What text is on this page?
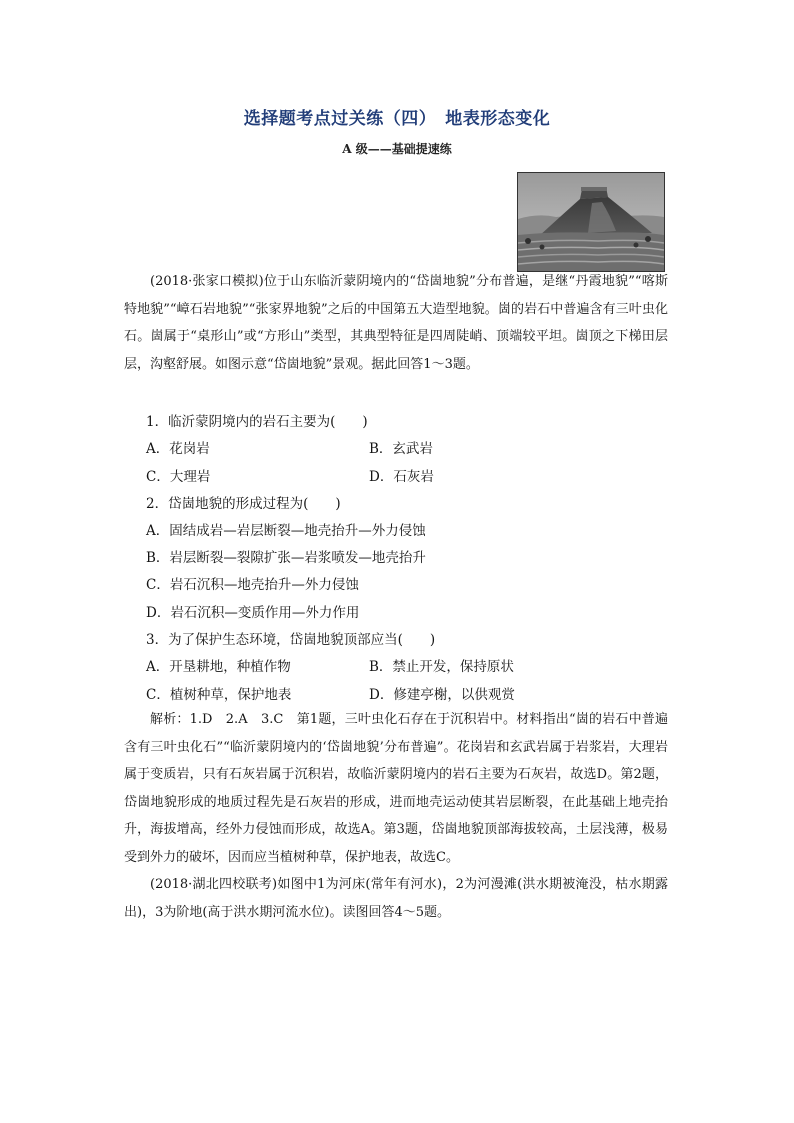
选择题考点过关练（四）　地表形态变化
A 级——基础提速练

(2018·张家口模拟)位于山东临沂蒙阴境内的“岱崮地貌”分布普遍，是继“丹霞地貌”“喀斯特地貌”“嶂石岩地貌”“张家界地貌”之后的中国第五大造型地貌。崮的岩石中普遍含有三叶虫化石。崮属于“桌形山”或“方形山”类型，其典型特征是四周陡峭、顶端较平坦。崮顶之下梯田层层，沟壑舒展。如图示意“岱崮地貌”景观。据此回答1～3题。

1．临沂蒙阴境内的岩石主要为(　　)

A．花岗岩	B．玄武岩

C．大理岩	D．石灰岩

2．岱崮地貌的形成过程为(　　)

A．固结成岩—岩层断裂—地壳抬升—外力侵蚀

B．岩层断裂—裂隙扩张—岩浆喷发—地壳抬升

C．岩石沉积—地壳抬升—外力侵蚀

D．岩石沉积—变质作用—外力作用

3．为了保护生态环境，岱崮地貌顶部应当(　　)

A．开垦耕地，种植作物	B．禁止开发，保持原状

C．植树种草，保护地表	D．修建亭榭，以供观赏

解析：1.D　2.A　3.C　第1题，三叶虫化石存在于沉积岩中。材料指出“崮的岩石中普遍含有三叶虫化石”“临沂蒙阴境内的‘岱崮地貌’分布普遍”。花岗岩和玄武岩属于岩浆岩，大理岩属于变质岩，只有石灰岩属于沉积岩，故临沂蒙阴境内的岩石主要为石灰岩，故选D。第2题，岱崮地貌形成的地质过程先是石灰岩的形成，进而地壳运动使其岩层断裂，在此基础上地壳抬升，海拔增高，经外力侵蚀而形成，故选A。第3题，岱崮地貌顶部海拔较高，土层浅薄，极易受到外力的破坏，因而应当植树种草，保护地表，故选C。

(2018·湖北四校联考)如图中1为河床(常年有河水)，2为河漫滩(洪水期被淹没，枯水期露出)，3为阶地(高于洪水期河流水位)。读图回答4～5题。
